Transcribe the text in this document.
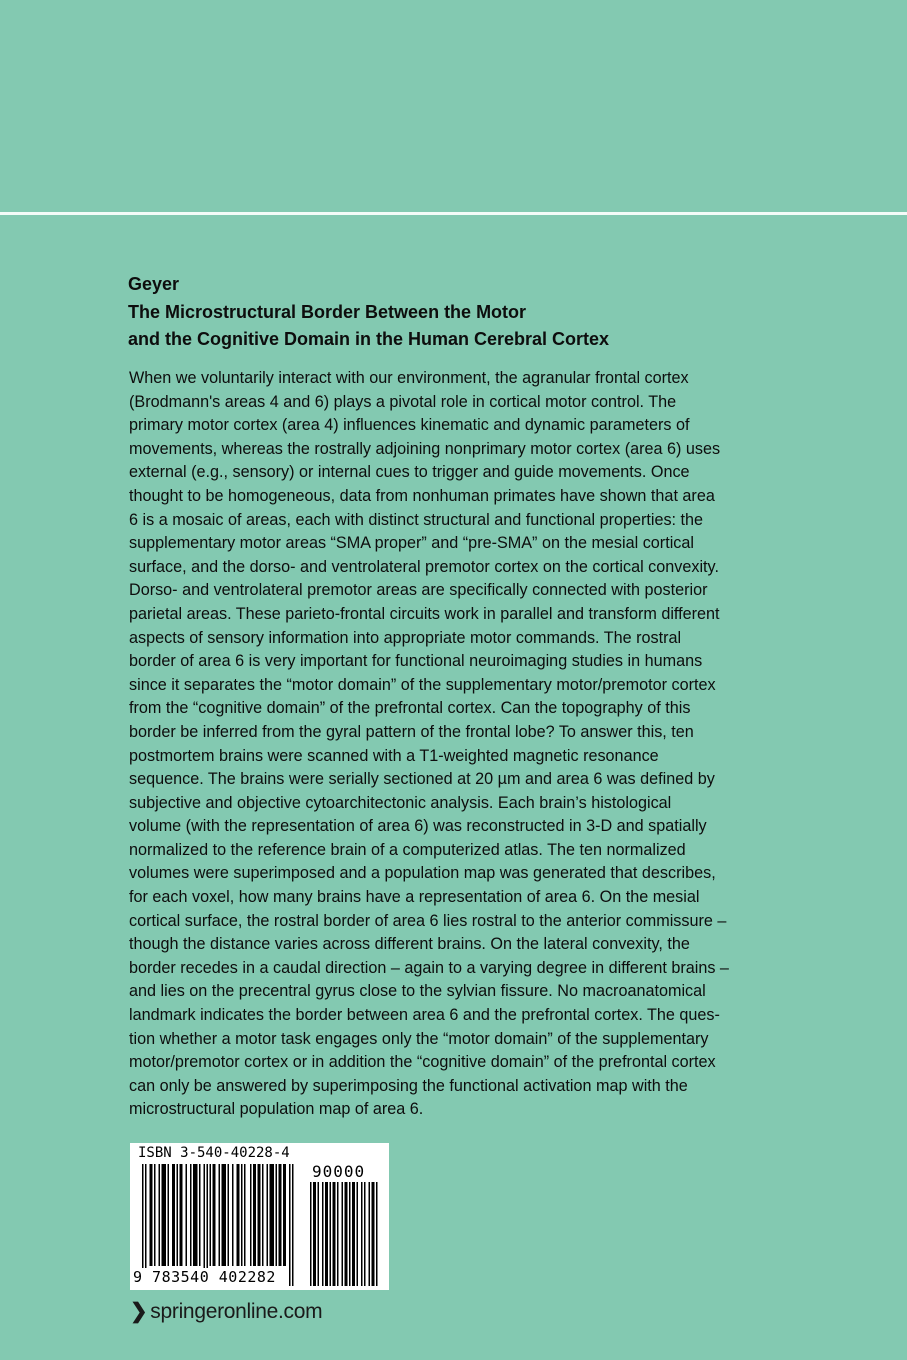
Geyer
The Microstructural Border Between the Motor
and the Cognitive Domain in the Human Cerebral Cortex
When we voluntarily interact with our environment, the agranular frontal cortex
(Brodmann's areas 4 and 6) plays a pivotal role in cortical motor control. The
primary motor cortex (area 4) influences kinematic and dynamic parameters of
movements, whereas the rostrally adjoining nonprimary motor cortex (area 6) uses
external (e.g., sensory) or internal cues to trigger and guide movements. Once
thought to be homogeneous, data from nonhuman primates have shown that area
6 is a mosaic of areas, each with distinct structural and functional properties: the
supplementary motor areas “SMA proper” and “pre-SMA” on the mesial cortical
surface, and the dorso- and ventrolateral premotor cortex on the cortical convexity.
Dorso- and ventrolateral premotor areas are specifically connected with posterior
parietal areas. These parieto-frontal circuits work in parallel and transform different
aspects of sensory information into appropriate motor commands. The rostral
border of area 6 is very important for functional neuroimaging studies in humans
since it separates the “motor domain” of the supplementary motor/premotor cortex
from the “cognitive domain” of the prefrontal cortex. Can the topography of this
border be inferred from the gyral pattern of the frontal lobe? To answer this, ten
postmortem brains were scanned with a T1-weighted magnetic resonance
sequence. The brains were serially sectioned at 20 µm and area 6 was defined by
subjective and objective cytoarchitectonic analysis. Each brain’s histological
volume (with the representation of area 6) was reconstructed in 3-D and spatially
normalized to the reference brain of a computerized atlas. The ten normalized
volumes were superimposed and a population map was generated that describes,
for each voxel, how many brains have a representation of area 6. On the mesial
cortical surface, the rostral border of area 6 lies rostral to the anterior commissure –
though the distance varies across different brains. On the lateral convexity, the
border recedes in a caudal direction – again to a varying degree in different brains –
and lies on the precentral gyrus close to the sylvian fissure. No macroanatomical
landmark indicates the border between area 6 and the prefrontal cortex. The ques-
tion whether a motor task engages only the “motor domain” of the supplementary
motor/premotor cortex or in addition the “cognitive domain” of the prefrontal cortex
can only be answered by superimposing the functional activation map with the
microstructural population map of area 6.
ISBN 3-540-40228-4
90000
9 783540 402282
❯ springeronline.com
